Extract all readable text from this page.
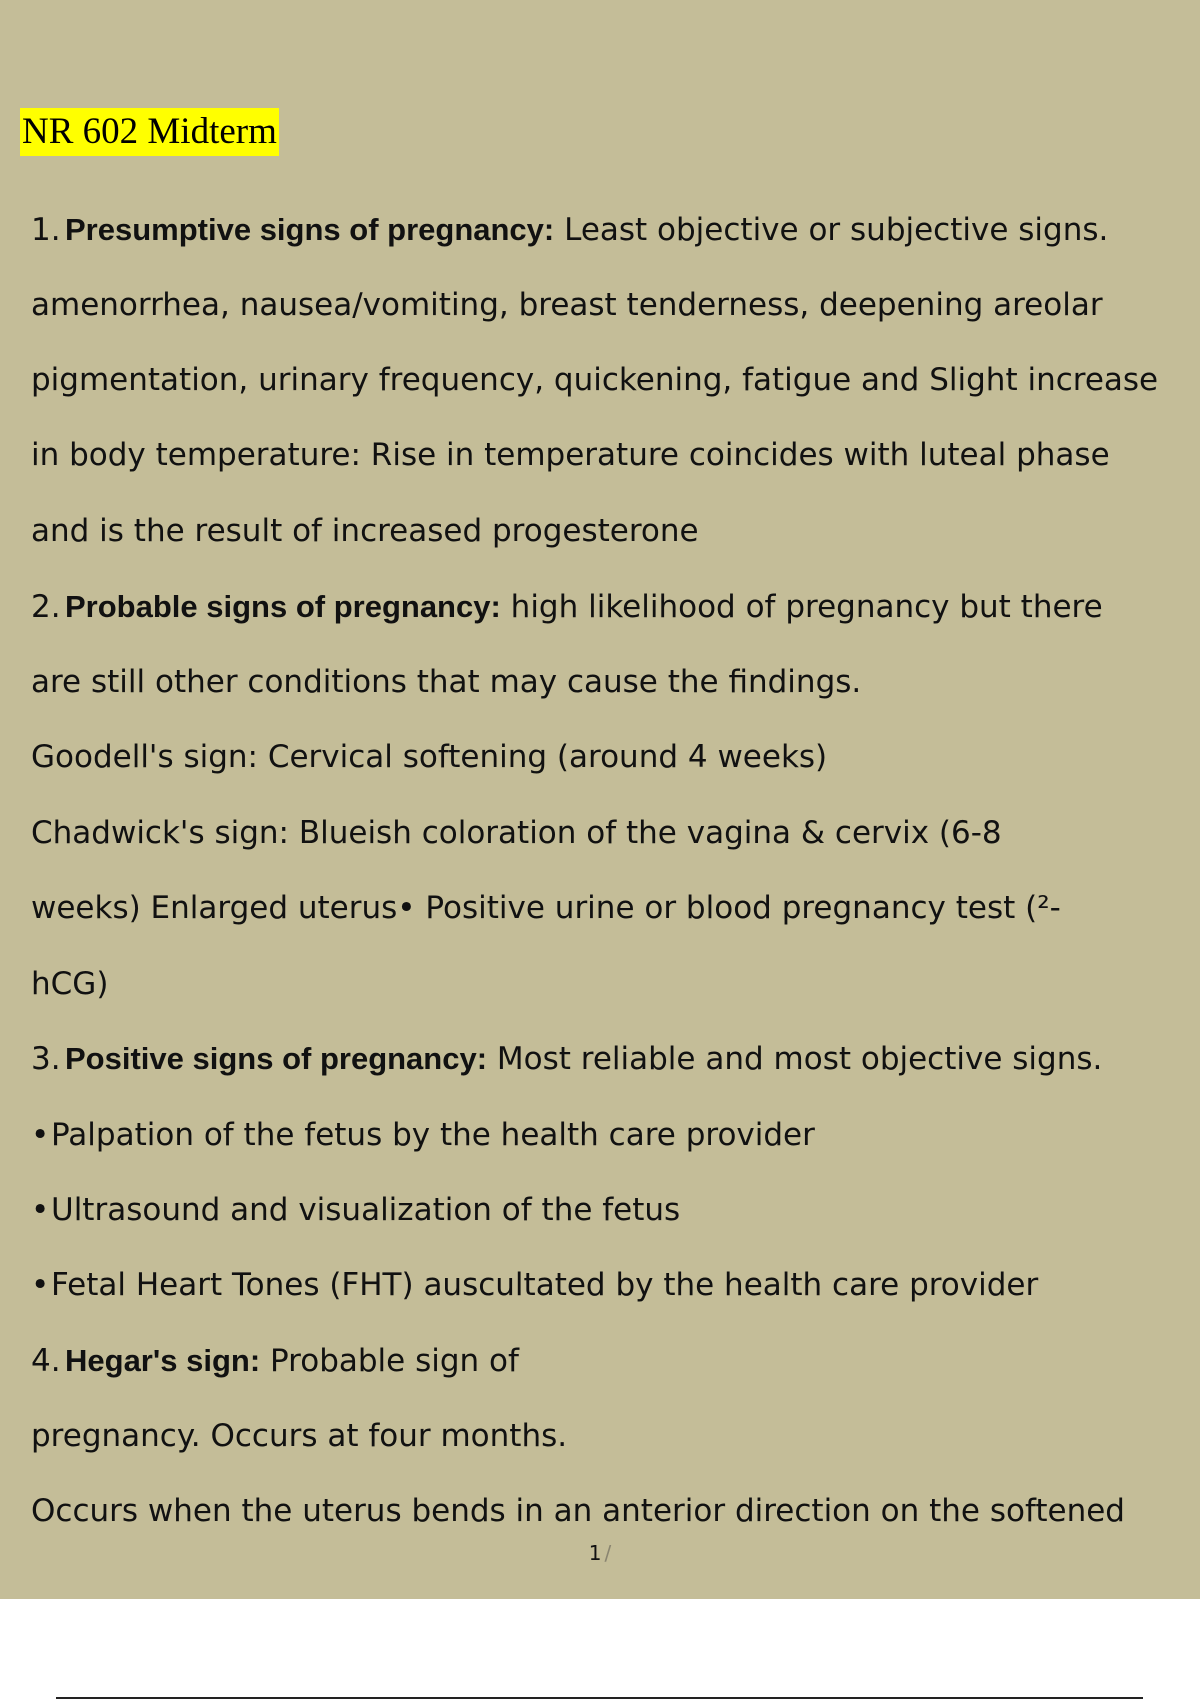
NR 602 Midterm
1. Presumptive signs of pregnancy: Least objective or subjective signs.
amenorrhea, nausea/vomiting, breast tenderness, deepening areolar
pigmentation, urinary frequency, quickening, fatigue and Slight increase
in body temperature: Rise in temperature coincides with luteal phase
and is the result of increased progesterone
2. Probable signs of pregnancy: high likelihood of pregnancy but there
are still other conditions that may cause the findings.
Goodell's sign: Cervical softening (around 4 weeks)
Chadwick's sign: Blueish coloration of the vagina & cervix (6-8
weeks) Enlarged uterus• Positive urine or blood pregnancy test (²-
hCG)
3. Positive signs of pregnancy: Most reliable and most objective signs.
•Palpation of the fetus by the health care provider
•Ultrasound and visualization of the fetus
•Fetal Heart Tones (FHT) auscultated by the health care provider
4. Hegar's sign: Probable sign of
pregnancy. Occurs at four months.
Occurs when the uterus bends in an anterior direction on the softened
1 /
